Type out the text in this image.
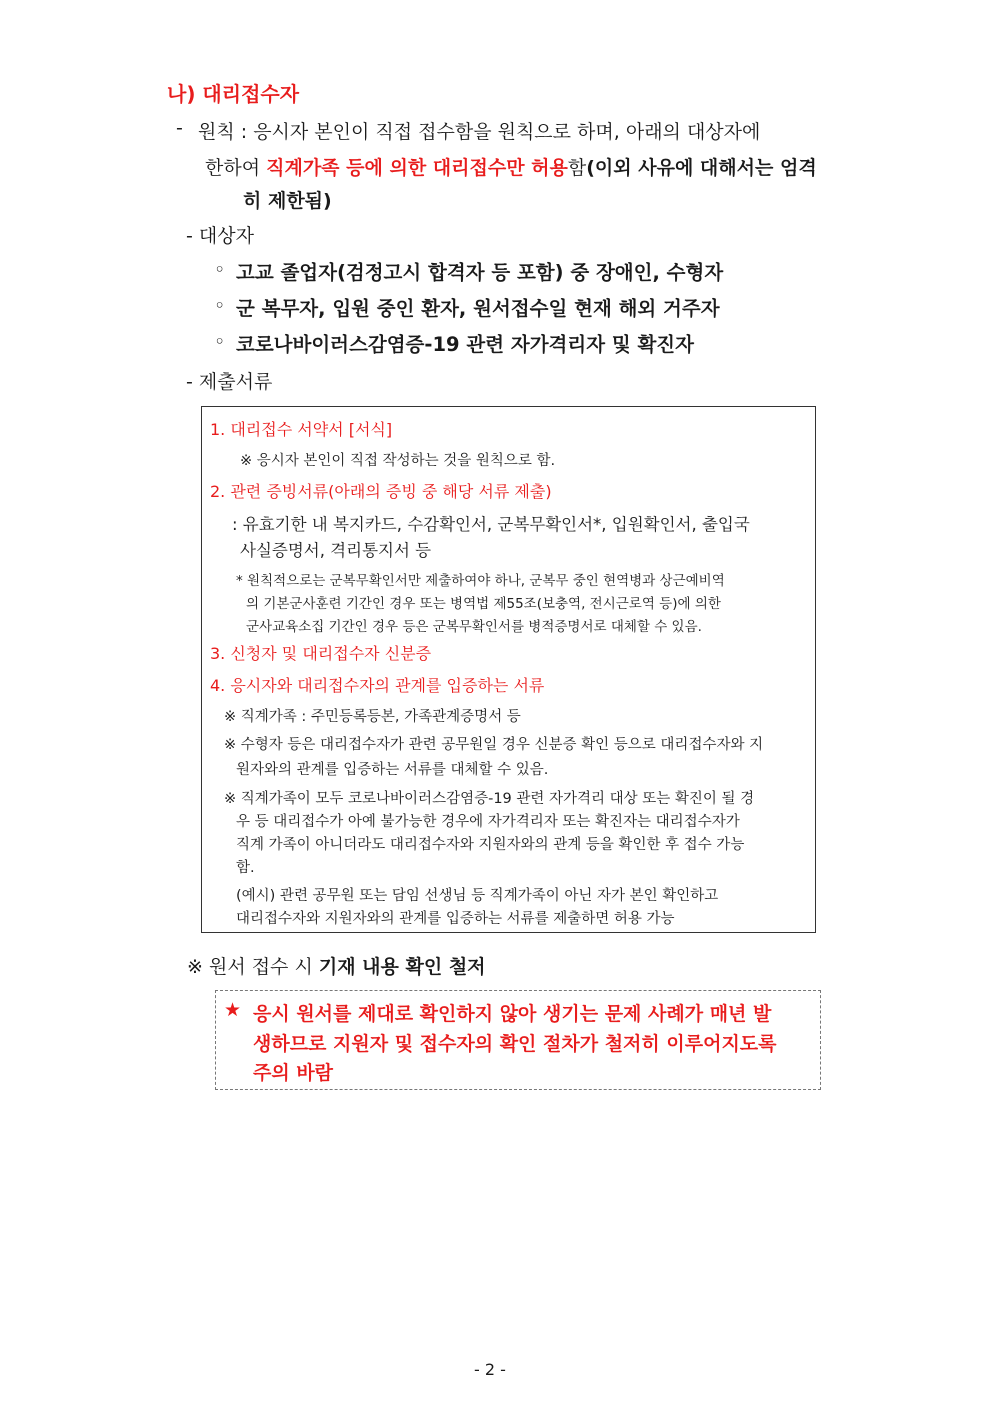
나) 대리접수자
- 원칙 : 응시자 본인이 직접 접수함을 원칙으로 하며, 아래의 대상자에
한하여 직계가족 등에 의한 대리접수만 허용함(이외 사유에 대해서는 엄격
히 제한됨)
- 대상자
◦ 고교 졸업자(검정고시 합격자 등 포함) 중 장애인, 수형자
◦ 군 복무자, 입원 중인 환자, 원서접수일 현재 해외 거주자
◦ 코로나바이러스감염증-19 관련 자가격리자 및 확진자
- 제출서류
1. 대리접수 서약서 [서식]
※ 응시자 본인이 직접 작성하는 것을 원칙으로 함.
2. 관련 증빙서류(아래의 증빙 중 해당 서류 제출)
: 유효기한 내 복지카드, 수감확인서, 군복무확인서*, 입원확인서, 출입국
사실증명서, 격리통지서 등
* 원칙적으로는 군복무확인서만 제출하여야 하나, 군복무 중인 현역병과 상근예비역
의 기본군사훈련 기간인 경우 또는 병역법 제55조(보충역, 전시근로역 등)에 의한
군사교육소집 기간인 경우 등은 군복무확인서를 병적증명서로 대체할 수 있음.
3. 신청자 및 대리접수자 신분증
4. 응시자와 대리접수자의 관계를 입증하는 서류
※ 직계가족 : 주민등록등본, 가족관계증명서 등
※ 수형자 등은 대리접수자가 관련 공무원일 경우 신분증 확인 등으로 대리접수자와 지
원자와의 관계를 입증하는 서류를 대체할 수 있음.
※ 직계가족이 모두 코로나바이러스감염증-19 관련 자가격리 대상 또는 확진이 될 경
우 등 대리접수가 아예 불가능한 경우에 자가격리자 또는 확진자는 대리접수자가
직계 가족이 아니더라도 대리접수자와 지원자와의 관계 등을 확인한 후 접수 가능
함.
(예시) 관련 공무원 또는 담임 선생님 등 직계가족이 아닌 자가 본인 확인하고
대리접수자와 지원자와의 관계를 입증하는 서류를 제출하면 허용 가능
※ 원서 접수 시 기재 내용 확인 철저
★ 응시 원서를 제대로 확인하지 않아 생기는 문제 사례가 매년 발
생하므로 지원자 및 접수자의 확인 절차가 철저히 이루어지도록
주의 바람
- 2 -
